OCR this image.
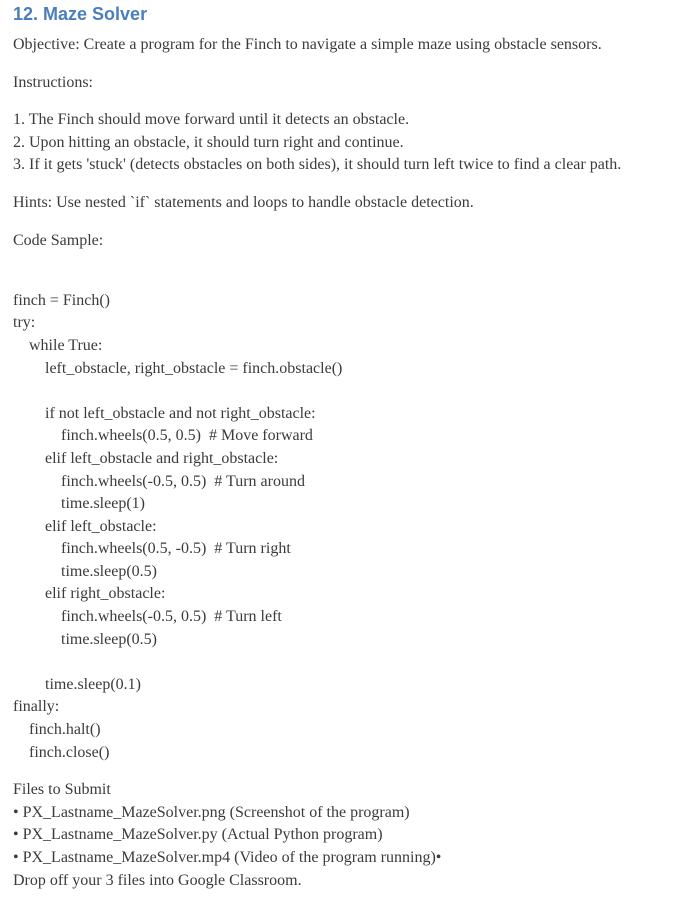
12. Maze Solver
Objective: Create a program for the Finch to navigate a simple maze using obstacle sensors.
Instructions:
1. The Finch should move forward until it detects an obstacle.
2. Upon hitting an obstacle, it should turn right and continue.
3. If it gets 'stuck' (detects obstacles on both sides), it should turn left twice to find a clear path.
Hints: Use nested `if` statements and loops to handle obstacle detection.
Code Sample:
finch = Finch()
try:
while True:
left_obstacle, right_obstacle = finch.obstacle()
if not left_obstacle and not right_obstacle:
finch.wheels(0.5, 0.5)  # Move forward
elif left_obstacle and right_obstacle:
finch.wheels(-0.5, 0.5)  # Turn around
time.sleep(1)
elif left_obstacle:
finch.wheels(0.5, -0.5)  # Turn right
time.sleep(0.5)
elif right_obstacle:
finch.wheels(-0.5, 0.5)  # Turn left
time.sleep(0.5)
time.sleep(0.1)
finally:
finch.halt()
finch.close()
Files to Submit
• PX_Lastname_MazeSolver.png (Screenshot of the program)
• PX_Lastname_MazeSolver.py (Actual Python program)
• PX_Lastname_MazeSolver.mp4 (Video of the program running)•
Drop off your 3 files into Google Classroom.
